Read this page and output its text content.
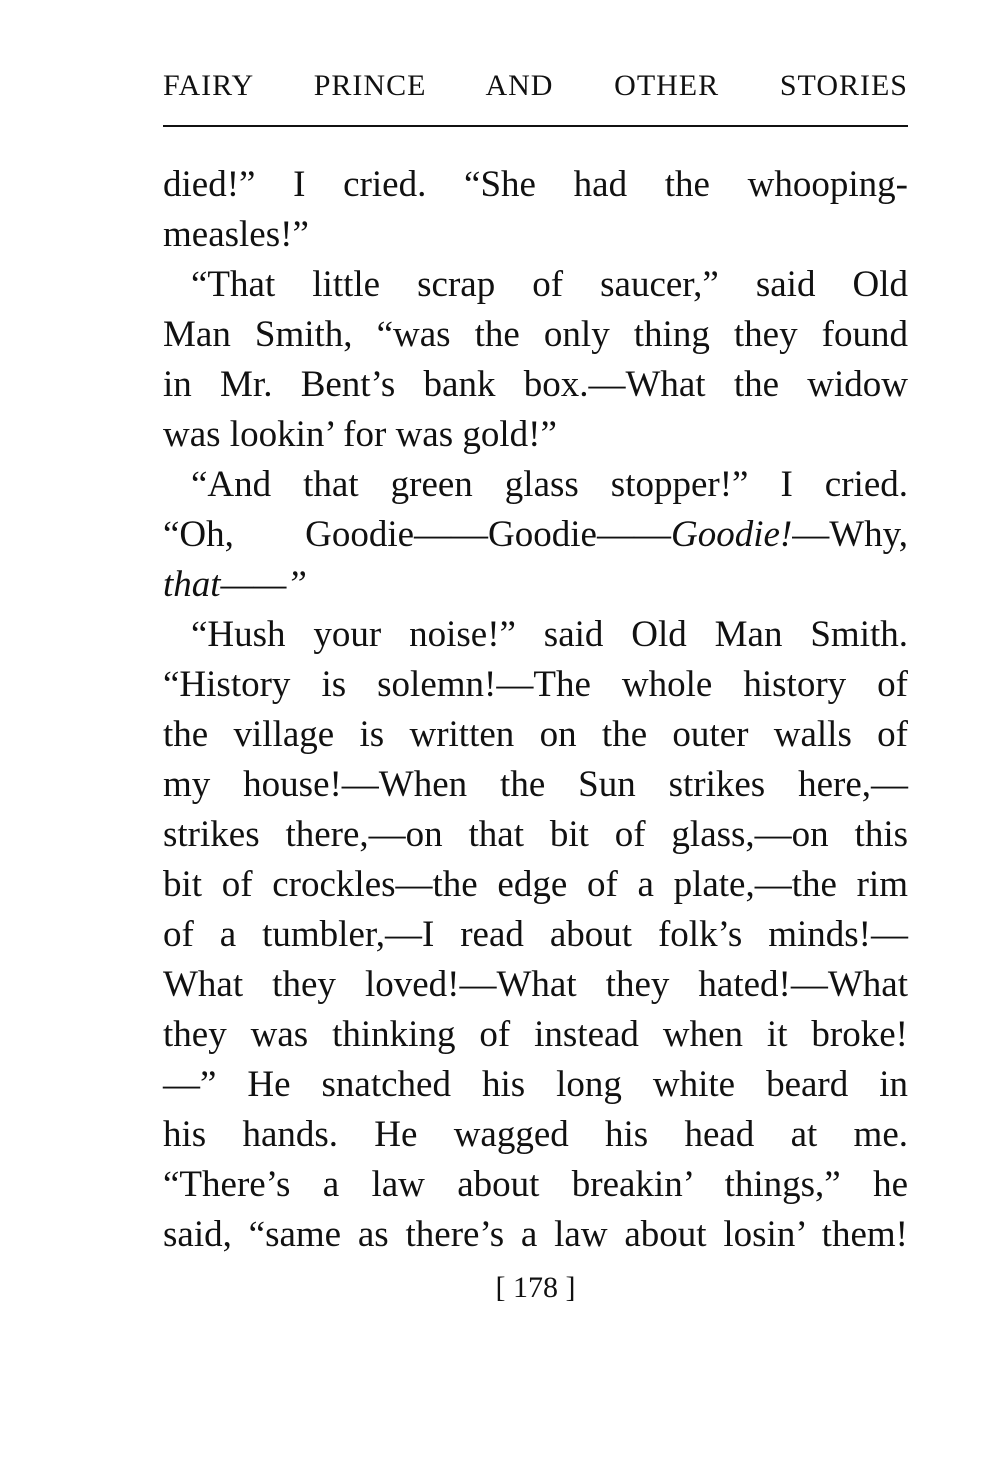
FAIRY PRINCE AND OTHER STORIES
died!” I cried. “She had the whooping-
measles!”
“That little scrap of saucer,” said Old
Man Smith, “was the only thing they found
in Mr. Bent’s bank box.—What the widow
was lookin’ for was gold!”
“And that green glass stopper!” I cried.
“Oh, Goodie——Goodie——Goodie!—Why,
that——”
“Hush your noise!” said Old Man Smith.
“History is solemn!—The whole history of
the village is written on the outer walls of
my house!—When the Sun strikes here,—
strikes there,—on that bit of glass,—on this
bit of crockles—the edge of a plate,—the rim
of a tumbler,—I read about folk’s minds!—
What they loved!—What they hated!—What
they was thinking of instead when it broke!
—” He snatched his long white beard in
his hands. He wagged his head at me.
“There’s a law about breakin’ things,” he
said, “same as there’s a law about losin’ them!
[ 178 ]
